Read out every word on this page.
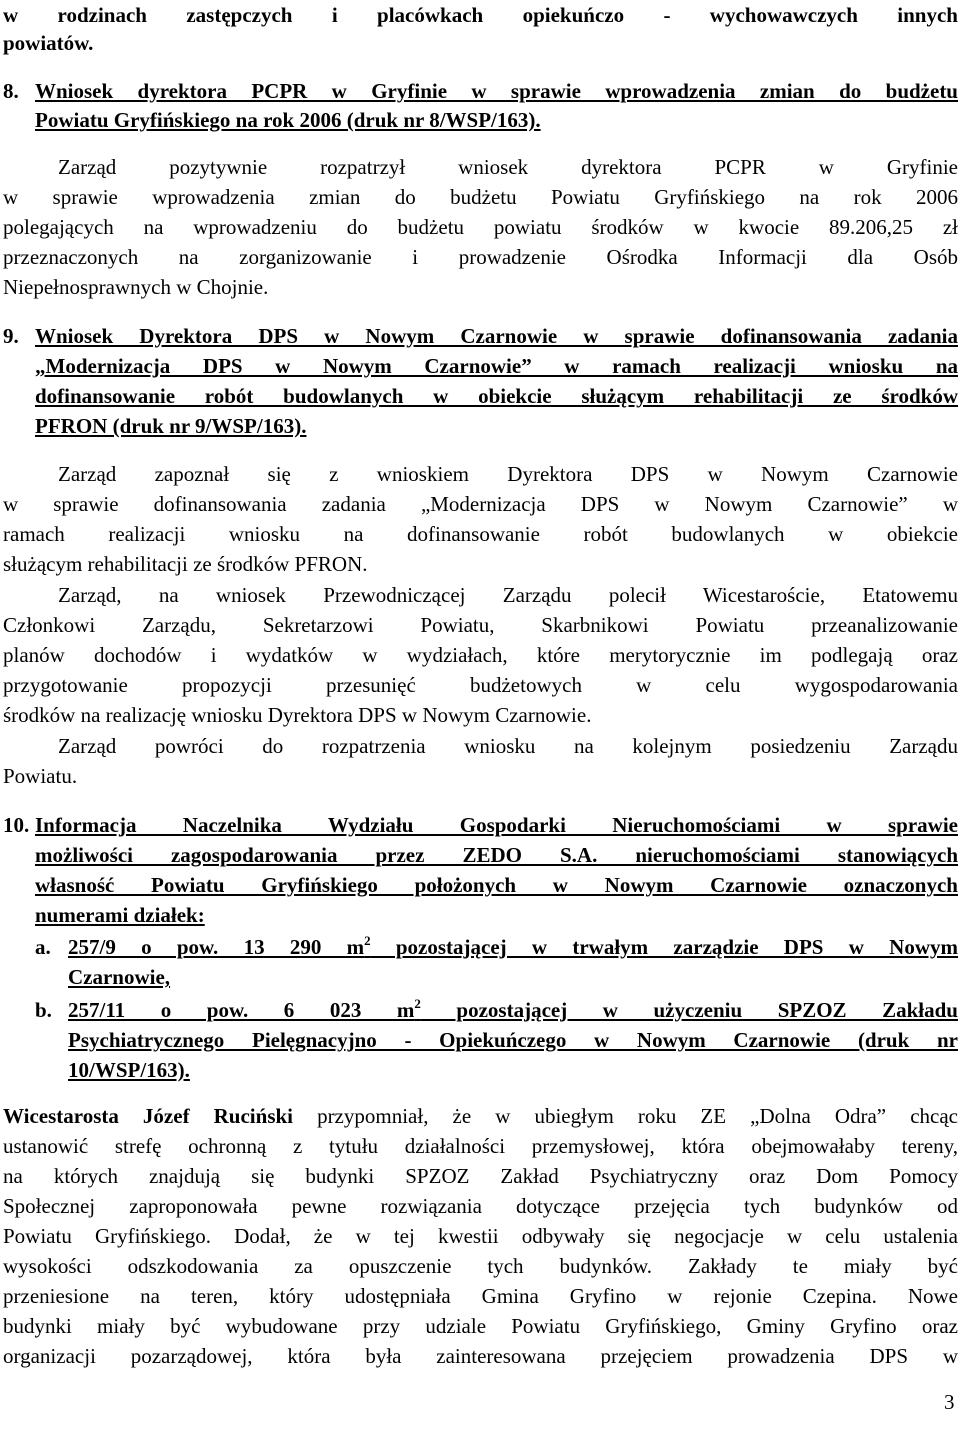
w rodzinach zastępczych i placówkach opiekuńczo - wychowawczych innych
powiatów.
8. Wniosek dyrektora PCPR w Gryfinie w sprawie wprowadzenia zmian do budżetu
Powiatu Gryfińskiego na rok 2006 (druk nr 8/WSP/163).
Zarząd pozytywnie rozpatrzył wniosek dyrektora PCPR w Gryfinie
w sprawie wprowadzenia zmian do budżetu Powiatu Gryfińskiego na rok 2006
polegających na wprowadzeniu do budżetu powiatu środków w kwocie 89.206,25 zł
przeznaczonych na zorganizowanie i prowadzenie Ośrodka Informacji dla Osób
Niepełnosprawnych w Chojnie.
9. Wniosek Dyrektora DPS w Nowym Czarnowie w sprawie dofinansowania zadania
„Modernizacja DPS w Nowym Czarnowie” w ramach realizacji wniosku na
dofinansowanie robót budowlanych w obiekcie służącym rehabilitacji ze środków
PFRON (druk nr 9/WSP/163).
Zarząd zapoznał się z wnioskiem Dyrektora DPS w Nowym Czarnowie
w sprawie dofinansowania zadania „Modernizacja DPS w Nowym Czarnowie” w
ramach realizacji wniosku na dofinansowanie robót budowlanych w obiekcie
służącym rehabilitacji ze środków PFRON.
Zarząd, na wniosek Przewodniczącej Zarządu polecił Wicestaroście, Etatowemu
Członkowi Zarządu, Sekretarzowi Powiatu, Skarbnikowi Powiatu przeanalizowanie
planów dochodów i wydatków w wydziałach, które merytorycznie im podlegają oraz
przygotowanie propozycji przesunięć budżetowych w celu wygospodarowania
środków na realizację wniosku Dyrektora DPS w Nowym Czarnowie.
Zarząd powróci do rozpatrzenia wniosku na kolejnym posiedzeniu Zarządu
Powiatu.
10. Informacja Naczelnika Wydziału Gospodarki Nieruchomościami w sprawie
możliwości zagospodarowania przez ZEDO S.A. nieruchomościami stanowiących
własność Powiatu Gryfińskiego położonych w Nowym Czarnowie oznaczonych
numerami działek:
a. 257/9 o pow. 13 290 $m^2$ pozostającej w trwałym zarządzie DPS w Nowym
Czarnowie,
b. 257/11 o pow. 6 023 $m^2$ pozostającej w użyczeniu SPZOZ Zakładu
Psychiatrycznego Pielęgnacyjno - Opiekuńczego w Nowym Czarnowie (druk nr
10/WSP/163).
Wicestarosta Józef Ruciński przypomniał, że w ubiegłym roku ZE „Dolna Odra” chcąc
ustanowić strefę ochronną z tytułu działalności przemysłowej, która obejmowałaby tereny,
na których znajdują się budynki SPZOZ Zakład Psychiatryczny oraz Dom Pomocy
Społecznej zaproponowała pewne rozwiązania dotyczące przejęcia tych budynków od
Powiatu Gryfińskiego. Dodał, że w tej kwestii odbywały się negocjacje w celu ustalenia
wysokości odszkodowania za opuszczenie tych budynków. Zakłady te miały być
przeniesione na teren, który udostępniała Gmina Gryfino w rejonie Czepina. Nowe
budynki miały być wybudowane przy udziale Powiatu Gryfińskiego, Gminy Gryfino oraz
organizacji pozarządowej, która była zainteresowana przejęciem prowadzenia DPS w
3
